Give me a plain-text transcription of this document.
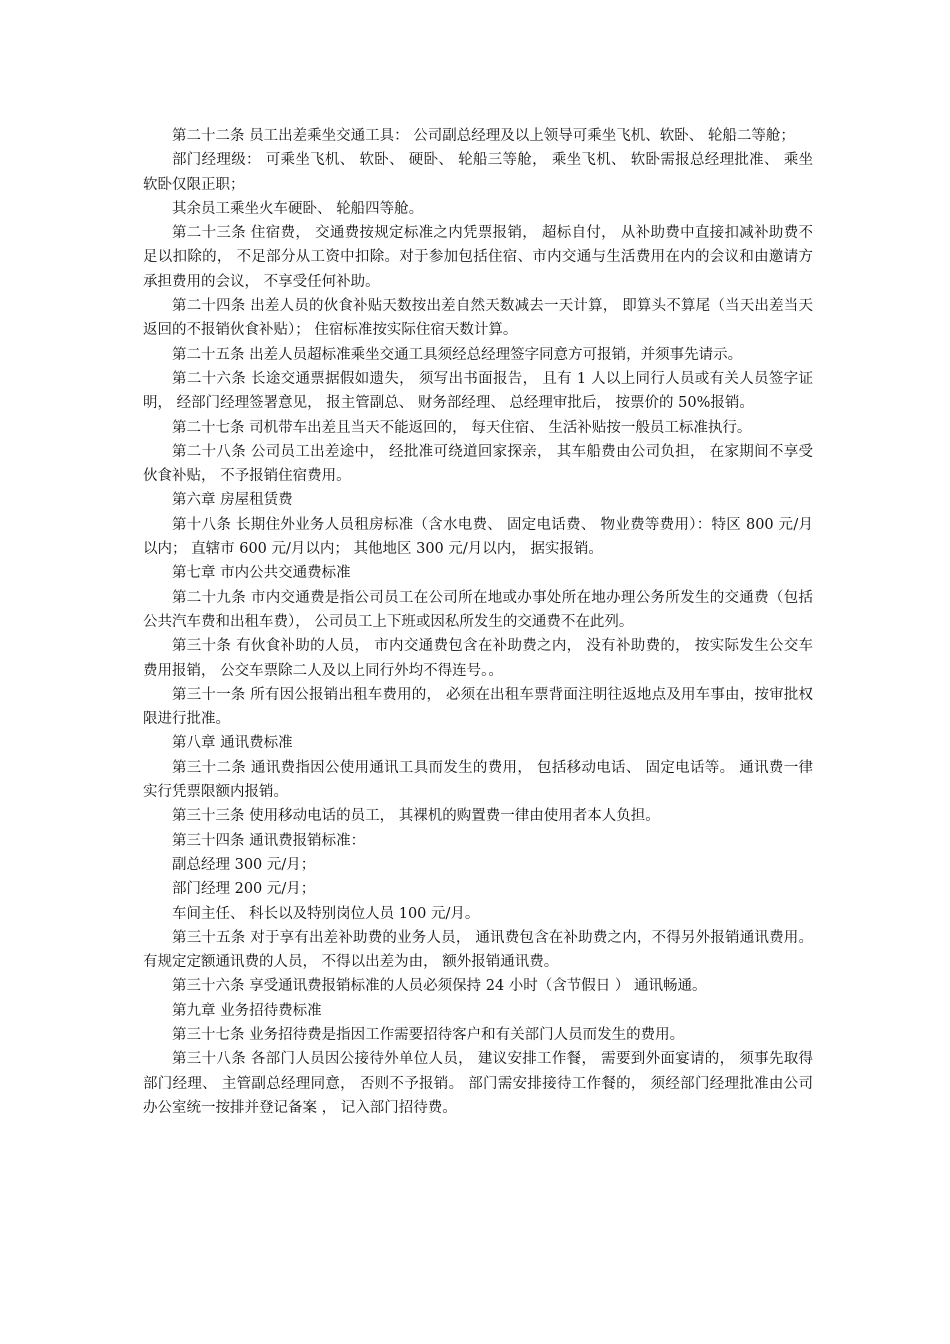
第二十二条 员工出差乘坐交通工具： 公司副总经理及以上领导可乘坐飞机、软卧、 轮船二等舱；

部门经理级： 可乘坐飞机、 软卧、 硬卧、 轮船三等舱， 乘坐飞机、 软卧需报总经理批准、 乘坐软卧仅限正职；

其余员工乘坐火车硬卧、 轮船四等舱。

第二十三条 住宿费， 交通费按规定标准之内凭票报销， 超标自付， 从补助费中直接扣减补助费不足以扣除的， 不足部分从工资中扣除。对于参加包括住宿、市内交通与生活费用在内的会议和由邀请方承担费用的会议， 不享受任何补助。

第二十四条 出差人员的伙食补贴天数按出差自然天数减去一天计算， 即算头不算尾（当天出差当天返回的不报销伙食补贴）； 住宿标准按实际住宿天数计算。

第二十五条 出差人员超标准乘坐交通工具须经总经理签字同意方可报销，并须事先请示。

第二十六条 长途交通票据假如遗失， 须写出书面报告， 且有 1 人以上同行人员或有关人员签字证明， 经部门经理签署意见， 报主管副总、 财务部经理、 总经理审批后， 按票价的 50%报销。

第二十七条 司机带车出差且当天不能返回的， 每天住宿、 生活补贴按一般员工标准执行。

第二十八条 公司员工出差途中， 经批准可绕道回家探亲， 其车船费由公司负担， 在家期间不享受伙食补贴， 不予报销住宿费用。

第六章 房屋租赁费

第十八条 长期住外业务人员租房标准（含水电费、 固定电话费、 物业费等费用）：特区 800 元/月以内； 直辖市 600 元/月以内； 其他地区 300 元/月以内， 据实报销。

第七章 市内公共交通费标准

第二十九条 市内交通费是指公司员工在公司所在地或办事处所在地办理公务所发生的交通费（包括公共汽车费和出租车费）， 公司员工上下班或因私所发生的交通费不在此列。

第三十条 有伙食补助的人员， 市内交通费包含在补助费之内， 没有补助费的， 按实际发生公交车费用报销， 公交车票除二人及以上同行外均不得连号。。

第三十一条 所有因公报销出租车费用的， 必须在出租车票背面注明往返地点及用车事由，按审批权限进行批准。

第八章 通讯费标准

第三十二条 通讯费指因公使用通讯工具而发生的费用， 包括移动电话、 固定电话等。 通讯费一律实行凭票限额内报销。

第三十三条 使用移动电话的员工， 其裸机的购置费一律由使用者本人负担。

第三十四条 通讯费报销标准：

副总经理 300 元/月；

部门经理 200 元/月；

车间主任、 科长以及特别岗位人员 100 元/月。

第三十五条 对于享有出差补助费的业务人员， 通讯费包含在补助费之内，不得另外报销通讯费用。 有规定定额通讯费的人员， 不得以出差为由， 额外报销通讯费。

第三十六条 享受通讯费报销标准的人员必须保持 24 小时（含节假日 ） 通讯畅通。

第九章 业务招待费标准

第三十七条 业务招待费是指因工作需要招待客户和有关部门人员而发生的费用。

第三十八条 各部门人员因公接待外单位人员， 建议安排工作餐， 需要到外面宴请的， 须事先取得部门经理、 主管副总经理同意， 否则不予报销。 部门需安排接待工作餐的， 须经部门经理批准由公司办公室统一按排并登记备案 ， 记入部门招待费。
